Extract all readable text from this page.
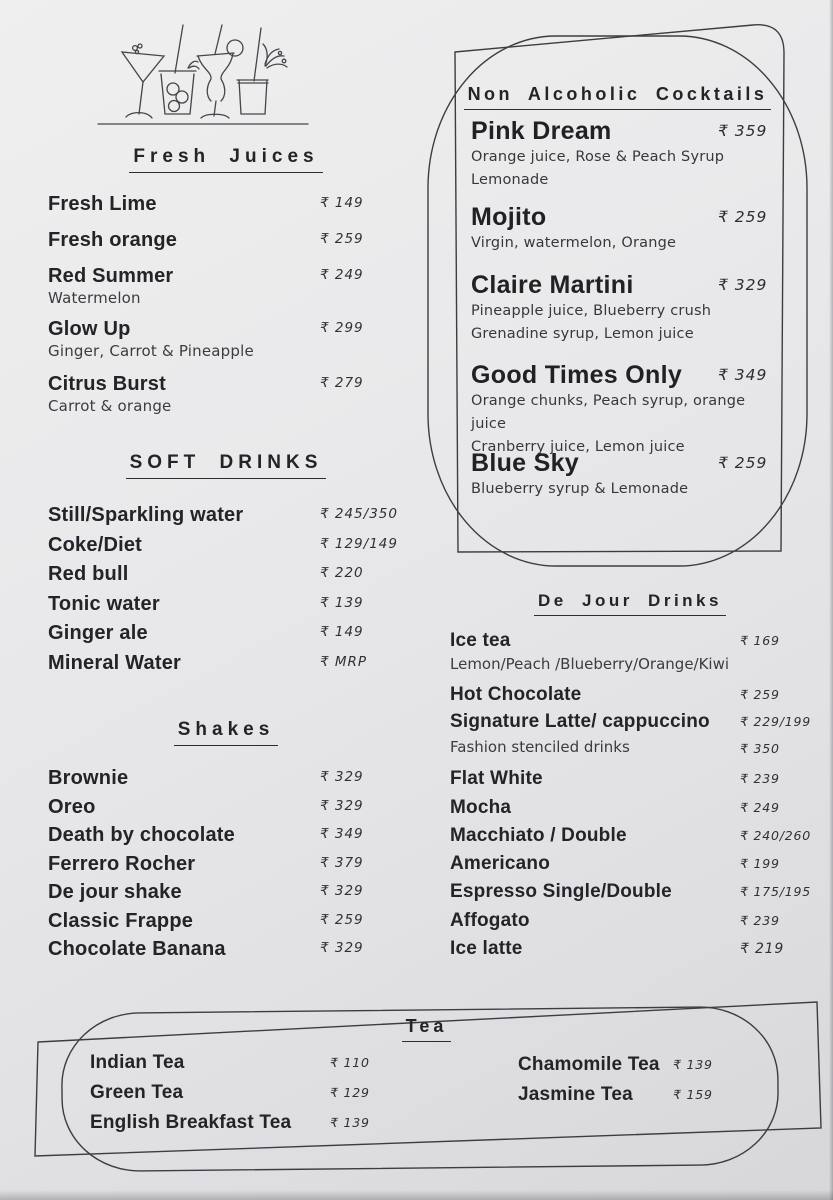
Fresh Juices
Fresh Lime	₹ 149
Fresh orange	₹ 259
Red Summer	₹ 249
Watermelon
Glow Up	₹ 299
Ginger, Carrot & Pineapple
Citrus Burst	₹ 279
Carrot & orange
SOFT DRINKS
Still/Sparkling water	₹ 245/350
Coke/Diet	₹ 129/149
Red bull	₹ 220
Tonic water	₹ 139
Ginger ale	₹ 149
Mineral Water	₹ MRP
Shakes
Brownie	₹ 329
Oreo	₹ 329
Death by chocolate	₹ 349
Ferrero Rocher	₹ 379
De jour shake	₹ 329
Classic Frappe	₹ 259
Chocolate Banana	₹ 329
Non Alcoholic Cocktails
Pink Dream	₹ 359
Orange juice, Rose & Peach Syrup
Lemonade
Mojito	₹ 259
Virgin, watermelon, Orange
Claire Martini	₹ 329
Pineapple juice, Blueberry crush
Grenadine syrup, Lemon juice
Good Times Only	₹ 349
Orange chunks, Peach syrup, orange juice
Cranberry juice, Lemon juice
Blue Sky	₹ 259
Blueberry syrup & Lemonade
De Jour Drinks
Ice tea	₹ 169
Lemon/Peach /Blueberry/Orange/Kiwi
Hot Chocolate	₹ 259
Signature Latte/ cappuccino ₹ 229/199
Fashion stenciled drinks	₹ 350
Flat White	₹ 239
Mocha	₹ 249
Macchiato / Double	₹ 240/260
Americano	₹ 199
Espresso Single/Double	₹ 175/195
Affogato	₹ 239
Ice latte	₹ 219
Tea
Indian Tea	₹ 110
Green Tea	₹ 129
English Breakfast Tea	₹ 139
Chamomile Tea ₹ 139
Jasmine Tea	₹ 159
